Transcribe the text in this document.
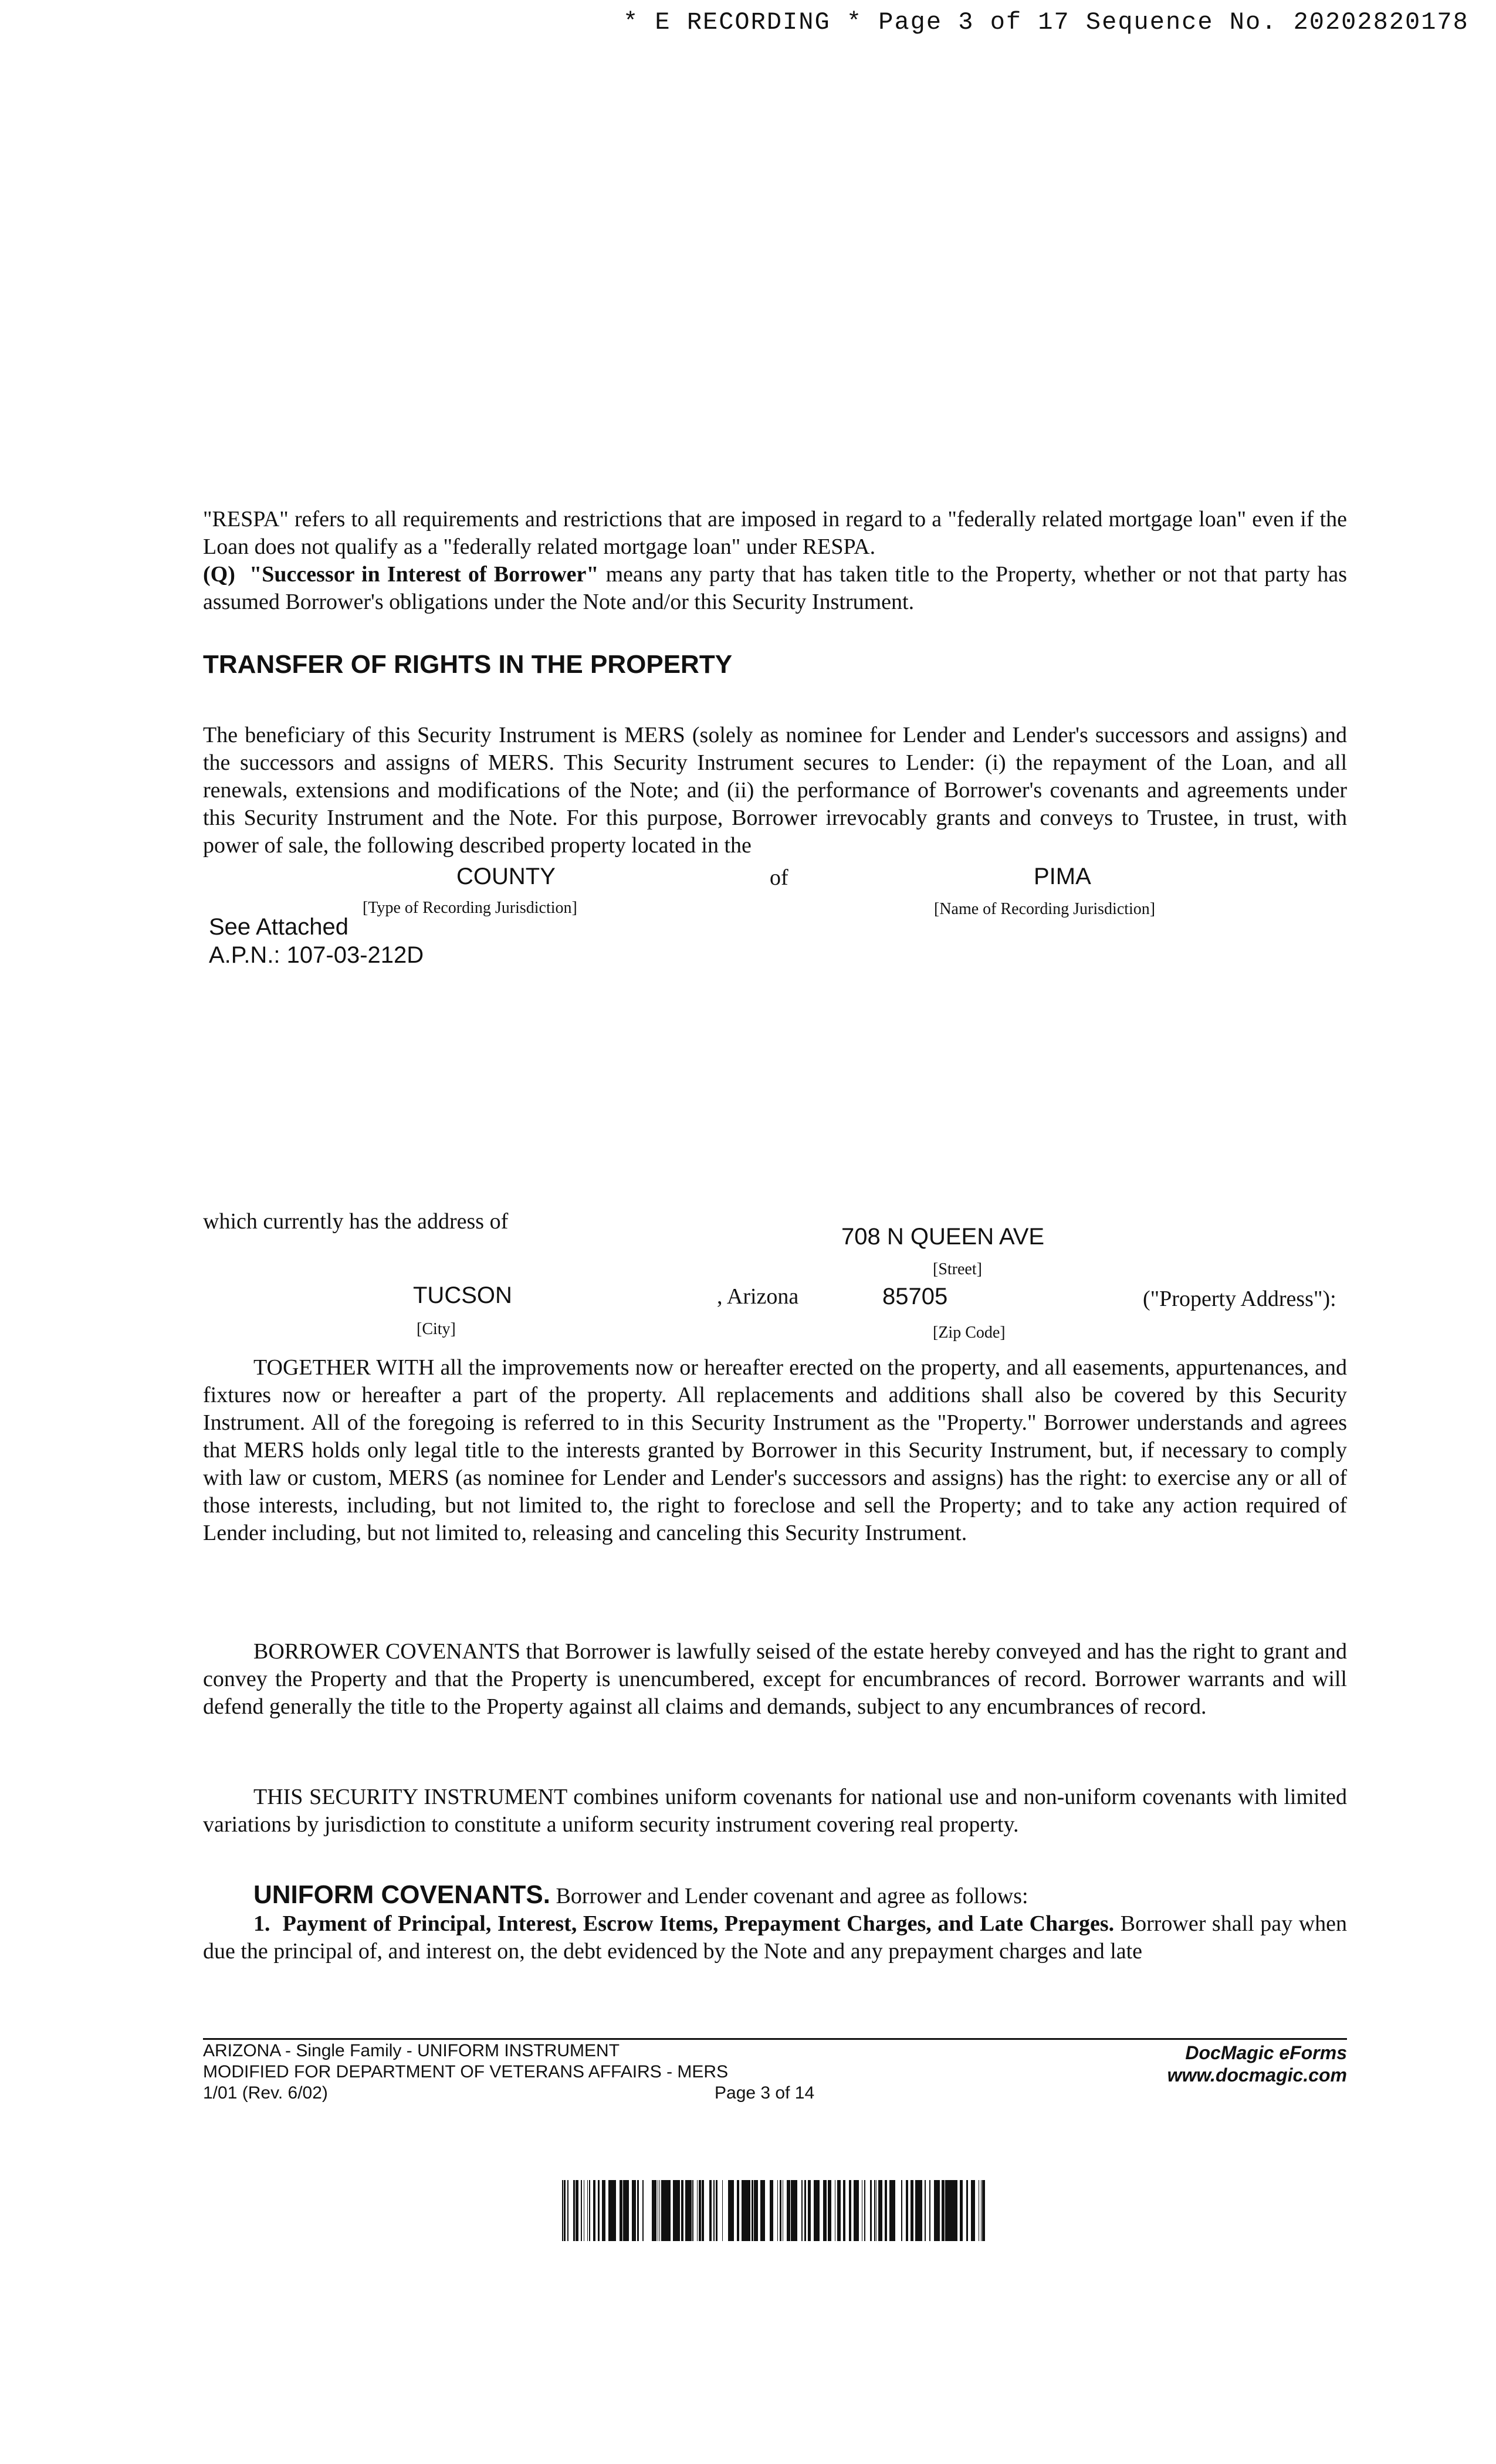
* E RECORDING * Page 3 of 17 Sequence No. 20202820178

"RESPA" refers to all requirements and restrictions that are imposed in regard to a "federally related mortgage loan" even if the Loan does not qualify as a "federally related mortgage loan" under RESPA.

(Q) "Successor in Interest of Borrower" means any party that has taken title to the Property, whether or not that party has assumed Borrower's obligations under the Note and/or this Security Instrument.

TRANSFER OF RIGHTS IN THE PROPERTY
The beneficiary of this Security Instrument is MERS (solely as nominee for Lender and Lender's successors and assigns) and the successors and assigns of MERS. This Security Instrument secures to Lender: (i) the repayment of the Loan, and all renewals, extensions and modifications of the Note; and (ii) the performance of Borrower's covenants and agreements under this Security Instrument and the Note. For this purpose, Borrower irrevocably grants and conveys to Trustee, in trust, with power of sale, the following described property located in the
COUNTY	of	PIMA
[Type of Recording Jurisdiction]	[Name of Recording Jurisdiction]
See Attached
A.P.N.: 107-03-212D
which currently has the address of
708 N QUEEN AVE
[Street]
TUCSON	, Arizona	85705	("Property Address"):
[City]	[Zip Code]
TOGETHER WITH all the improvements now or hereafter erected on the property, and all easements, appurtenances, and fixtures now or hereafter a part of the property. All replacements and additions shall also be covered by this Security Instrument. All of the foregoing is referred to in this Security Instrument as the "Property." Borrower understands and agrees that MERS holds only legal title to the interests granted by Borrower in this Security Instrument, but, if necessary to comply with law or custom, MERS (as nominee for Lender and Lender's successors and assigns) has the right: to exercise any or all of those interests, including, but not limited to, the right to foreclose and sell the Property; and to take any action required of Lender including, but not limited to, releasing and canceling this Security Instrument.
BORROWER COVENANTS that Borrower is lawfully seised of the estate hereby conveyed and has the right to grant and convey the Property and that the Property is unencumbered, except for encumbrances of record. Borrower warrants and will defend generally the title to the Property against all claims and demands, subject to any encumbrances of record.
THIS SECURITY INSTRUMENT combines uniform covenants for national use and non-uniform covenants with limited variations by jurisdiction to constitute a uniform security instrument covering real property.

UNIFORM COVENANTS. Borrower and Lender covenant and agree as follows:

1. Payment of Principal, Interest, Escrow Items, Prepayment Charges, and Late Charges. Borrower shall pay when due the principal of, and interest on, the debt evidenced by the Note and any prepayment charges and late

ARIZONA - Single Family - UNIFORM INSTRUMENT
MODIFIED FOR DEPARTMENT OF VETERANS AFFAIRS - MERS
1/01 (Rev. 6/02)	Page 3 of 14
DocMagic eForms
www.docmagic.com
